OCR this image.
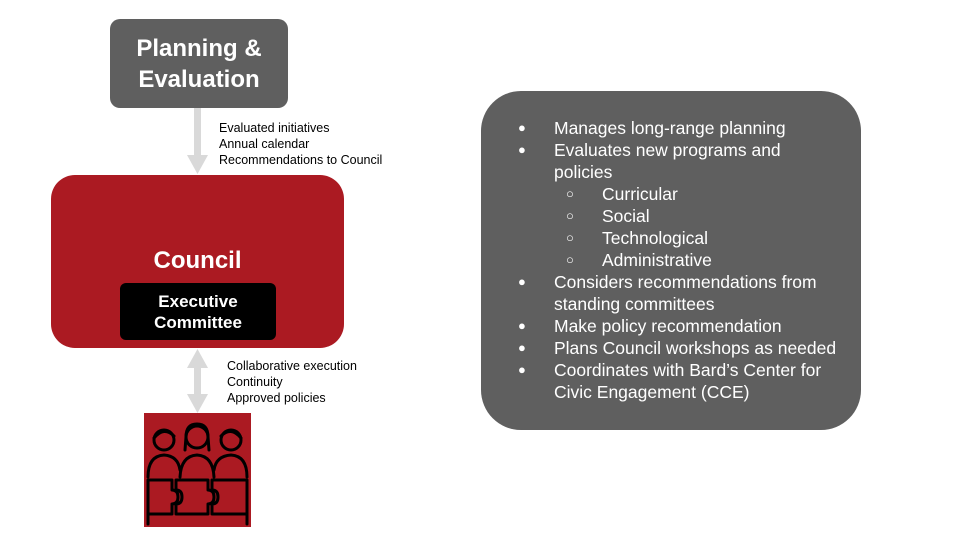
Planning &
Evaluation
Evaluated initiatives
Annual calendar
Recommendations to Council
Council
Executive
Committee
Collaborative execution
Continuity
Approved policies
● Manages long-range planning
● Evaluates new programs and policies
○ Curricular
○ Social
○ Technological
○ Administrative
● Considers recommendations from standing committees
● Make policy recommendation
● Plans Council workshops as needed
● Coordinates with Bard’s Center for Civic Engagement (CCE)
